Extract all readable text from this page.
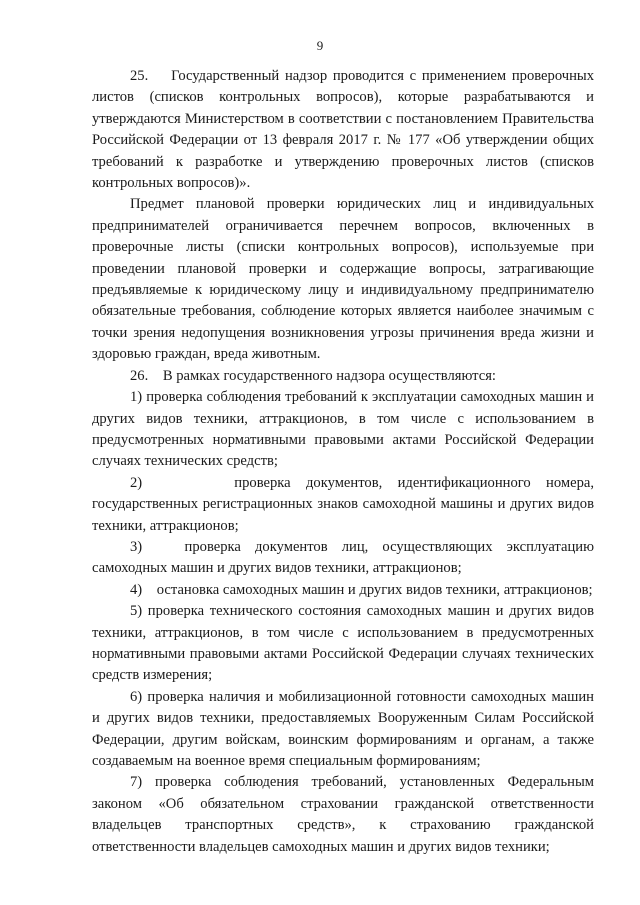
9

25.    Государственный надзор проводится с применением проверочных листов (списков контрольных вопросов), которые разрабатываются и утверждаются Министерством в соответствии с постановлением Правительства Российской Федерации от 13 февраля 2017 г. № 177 «Об утверждении общих требований к разработке и утверждению проверочных листов (списков контрольных вопросов)».

Предмет плановой проверки юридических лиц и индивидуальных предпринимателей ограничивается перечнем вопросов, включенных в проверочные листы (списки контрольных вопросов), используемые при проведении плановой проверки и содержащие вопросы, затрагивающие предъявляемые к юридическому лицу и индивидуальному предпринимателю обязательные требования, соблюдение которых является наиболее значимым с точки зрения недопущения возникновения угрозы причинения вреда жизни и здоровью граждан, вреда животным.

26.    В рамках государственного надзора осуществляются:

1) проверка соблюдения требований к эксплуатации самоходных машин и других видов техники, аттракционов, в том числе с использованием в предусмотренных нормативными правовыми актами Российской Федерации случаях технических средств;

2)      проверка документов, идентификационного номера, государственных регистрационных знаков самоходной машины и других видов техники, аттракционов;

3)   проверка документов лиц, осуществляющих эксплуатацию самоходных машин и других видов техники, аттракционов;

4)    остановка самоходных машин и других видов техники, аттракционов;

5) проверка технического состояния самоходных машин и других видов техники, аттракционов, в том числе с использованием в предусмотренных нормативными правовыми актами Российской Федерации случаях технических средств измерения;

6) проверка наличия и мобилизационной готовности самоходных машин и других видов техники, предоставляемых Вооруженным Силам Российской Федерации, другим войскам, воинским формированиям и органам, а также создаваемым на военное время специальным формированиям;

7) проверка соблюдения требований, установленных Федеральным законом «Об обязательном страховании гражданской ответственности владельцев транспортных средств», к страхованию гражданской ответственности владельцев самоходных машин и других видов техники;
